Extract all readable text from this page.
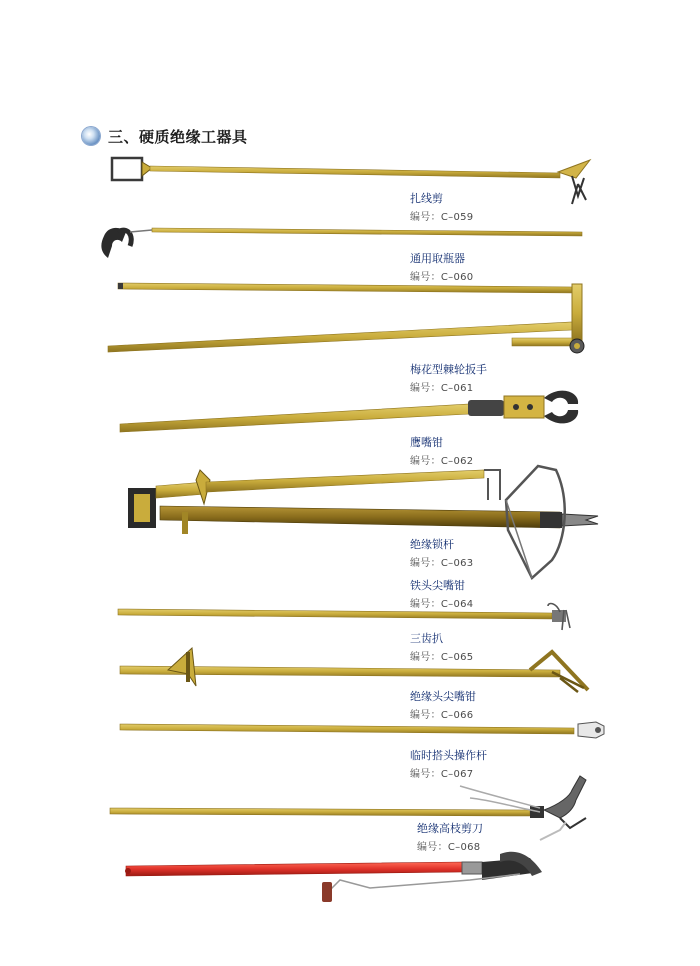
三、硬质绝缘工器具
扎线剪
编号：C–059
通用取瓶器
编号：C–060
梅花型棘轮扳手
编号：C–061
鹰嘴钳
编号：C–062
绝缘锁杆
编号：C–063
铁头尖嘴钳
编号：C–064
三齿扒
编号：C–065
绝缘头尖嘴钳
编号：C–066
临时搭头操作杆
编号：C–067
绝缘高枝剪刀
编号：C–068
